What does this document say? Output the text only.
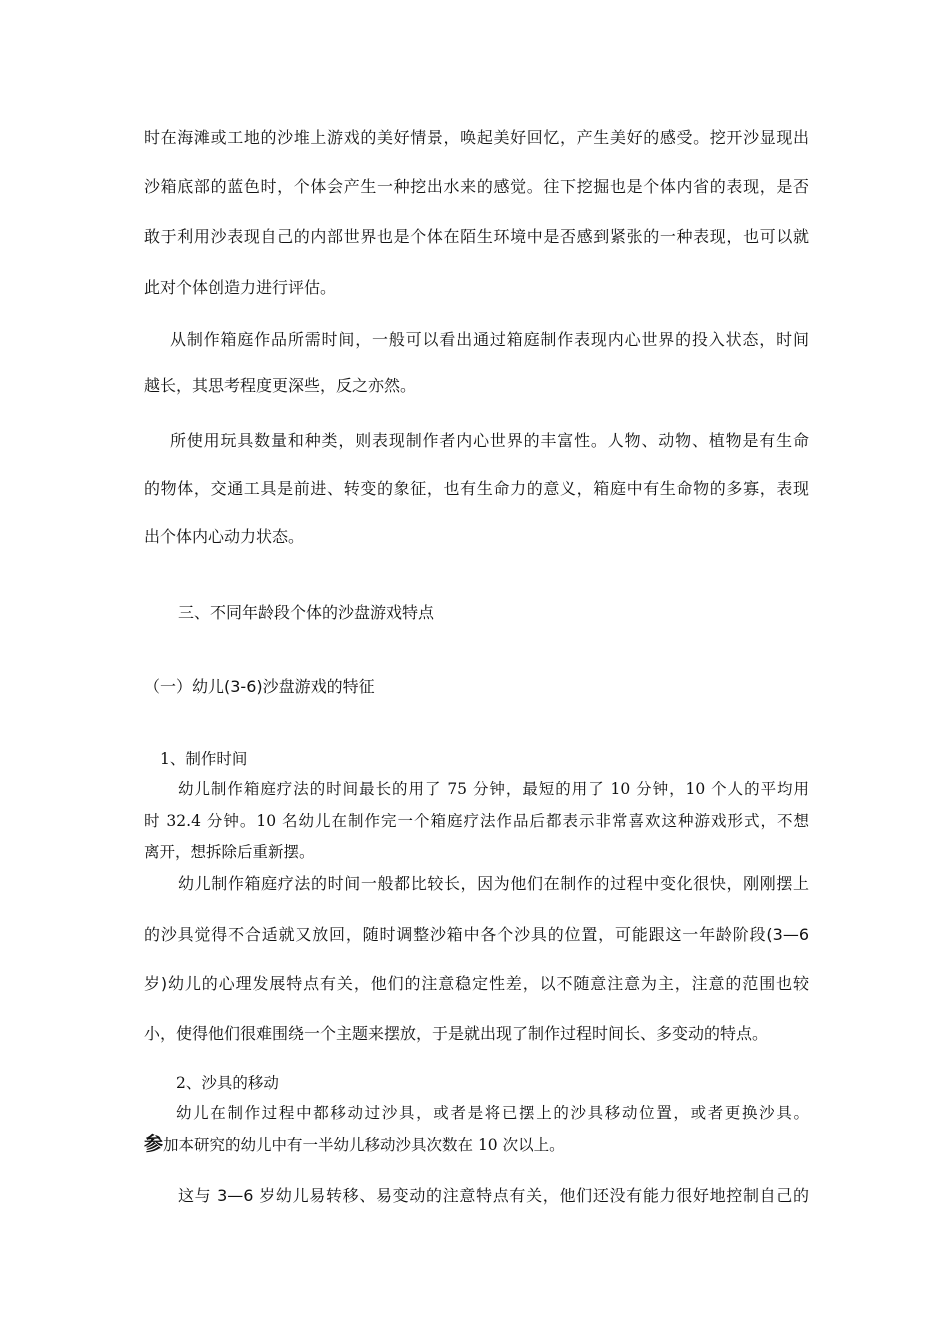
时在海滩或工地的沙堆上游戏的美好情景，唤起美好回忆，产生美好的感受。挖开沙显现出
沙箱底部的蓝色时，个体会产生一种挖出水来的感觉。往下挖掘也是个体内省的表现，是否
敢于利用沙表现自己的内部世界也是个体在陌生环境中是否感到紧张的一种表现，也可以就
此对个体创造力进行评估。
从制作箱庭作品所需时间，一般可以看出通过箱庭制作表现内心世界的投入状态，时间
越长，其思考程度更深些，反之亦然。
所使用玩具数量和种类，则表现制作者内心世界的丰富性。人物、动物、植物是有生命
的物体，交通工具是前进、转变的象征，也有生命力的意义，箱庭中有生命物的多寡，表现
出个体内心动力状态。
三、不同年龄段个体的沙盘游戏特点
（一）幼儿(3-6)沙盘游戏的特征
1、制作时间
幼儿制作箱庭疗法的时间最长的用了 75 分钟，最短的用了 10 分钟，10 个人的平均用
时 32.4 分钟。10 名幼儿在制作完一个箱庭疗法作品后都表示非常喜欢这种游戏形式，不想
离开，想拆除后重新摆。
幼儿制作箱庭疗法的时间一般都比较长，因为他们在制作的过程中变化很快，刚刚摆上
的沙具觉得不合适就又放回，随时调整沙箱中各个沙具的位置，可能跟这一年龄阶段(3—6
岁)幼儿的心理发展特点有关，他们的注意稳定性差，以不随意注意为主，注意的范围也较
小，使得他们很难围绕一个主题来摆放，于是就出现了制作过程时间长、多变动的特点。
2、沙具的移动
幼儿在制作过程中都移动过沙具，或者是将已摆上的沙具移动位置，或者更换沙具。
参加本研究的幼儿中有一半幼儿移动沙具次数在 10 次以上。
这与 3—6 岁幼儿易转移、易变动的注意特点有关，他们还没有能力很好地控制自己的
